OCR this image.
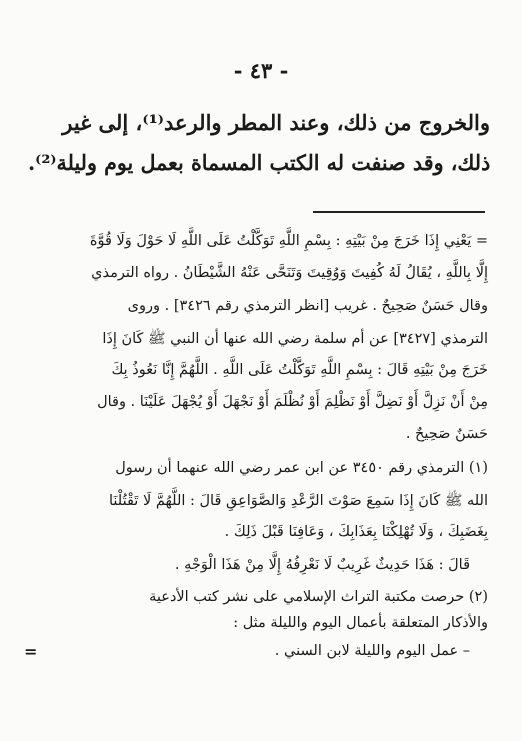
- ٤٣ -
والخروج من ذلك، وعند المطر والرعد⁽¹⁾، إلى غير
ذلك، وقد صنفت له الكتب المسماة بعمل يوم وليلة⁽²⁾.
= يَعْنِي إِذَا خَرَجَ مِنْ بَيْتِهِ : بِسْمِ اللَّهِ تَوَكَّلْتُ عَلَى اللَّهِ لَا حَوْلَ وَلَا قُوَّةَ
إِلَّا بِاللَّهِ ، يُقَالُ لَهُ كُفِيتَ وَوُقِيتَ وَتَنَحَّى عَنْهُ الشَّيْطَانُ . رواه الترمذي
وقال حَسَنٌ صَحِيحٌ . غريب [انظر الترمذي رقم ٣٤٢٦] . وروى
الترمذي [٣٤٢٧] عن أم سلمة رضي الله عنها أن النبي ﷺ كَانَ إِذَا
خَرَجَ مِنْ بَيْتِهِ قَالَ : بِسْمِ اللَّهِ تَوَكَّلْتُ عَلَى اللَّهِ . اللَّهُمَّ إِنَّا نَعُوذُ بِكَ
مِنْ أَنْ نَزِلَّ أَوْ نَضِلَّ أَوْ نَظْلِمَ أَوْ نُظْلَمَ أَوْ نَجْهَلَ أَوْ يُجْهَلَ عَلَيْنَا . وقال
حَسَنٌ صَحِيحٌ .
(١) الترمذي رقم ٣٤٥٠ عن ابن عمر رضي الله عنهما أن رسول
الله ﷺ كَانَ إِذَا سَمِعَ صَوْتَ الرَّعْدِ وَالصَّوَاعِقِ قَالَ : اللَّهُمَّ لَا تَقْتُلْنَا
بِغَضَبِكَ ، وَلَا تُهْلِكْنَا بِعَذَابِكَ ، وَعَافِنَا قَبْلَ ذَلِكَ .
قَالَ : هَذَا حَدِيثٌ غَرِيبٌ لَا نَعْرِفُهُ إِلَّا مِنْ هَذَا الْوَجْهِ .
(٢) حرصت مكتبة التراث الإسلامي على نشر كتب الأدعية
والأذكار المتعلقة بأعمال اليوم والليلة مثل :
– عمل اليوم والليلة لابن السني .
=
